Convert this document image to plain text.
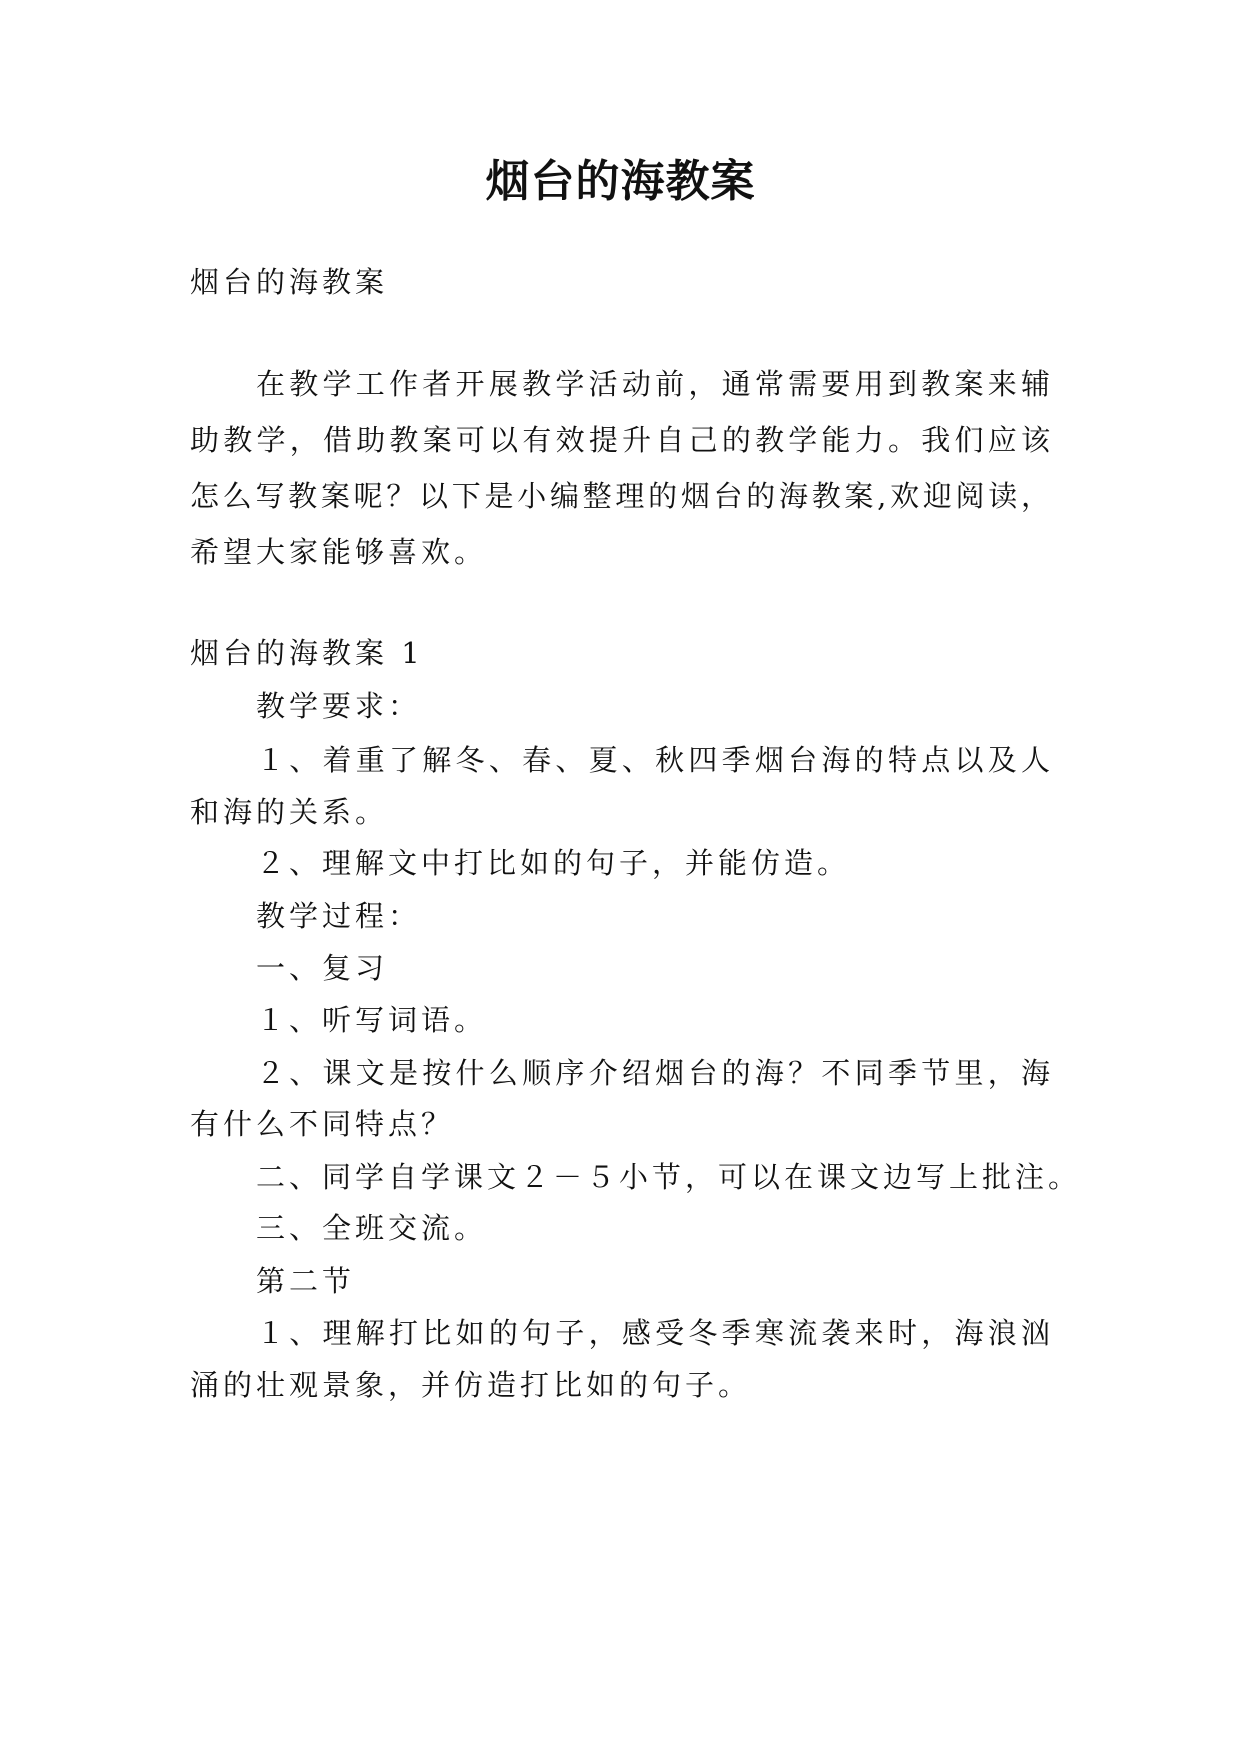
烟台的海教案
烟台的海教案
在教学工作者开展教学活动前，通常需要用到教案来辅
助教学，借助教案可以有效提升自己的教学能力。我们应该
怎么写教案呢？以下是小编整理的烟台的海教案,欢迎阅读，
希望大家能够喜欢。
烟台的海教案 1
教学要求：
１、着重了解冬、春、夏、秋四季烟台海的特点以及人
和海的关系。
２、理解文中打比如的句子，并能仿造。
教学过程：
一、复习
１、听写词语。
２、课文是按什么顺序介绍烟台的海？不同季节里，海
有什么不同特点？
二、同学自学课文２－５小节，可以在课文边写上批注。
三、全班交流。
第二节
１、理解打比如的句子，感受冬季寒流袭来时，海浪汹
涌的壮观景象，并仿造打比如的句子。
